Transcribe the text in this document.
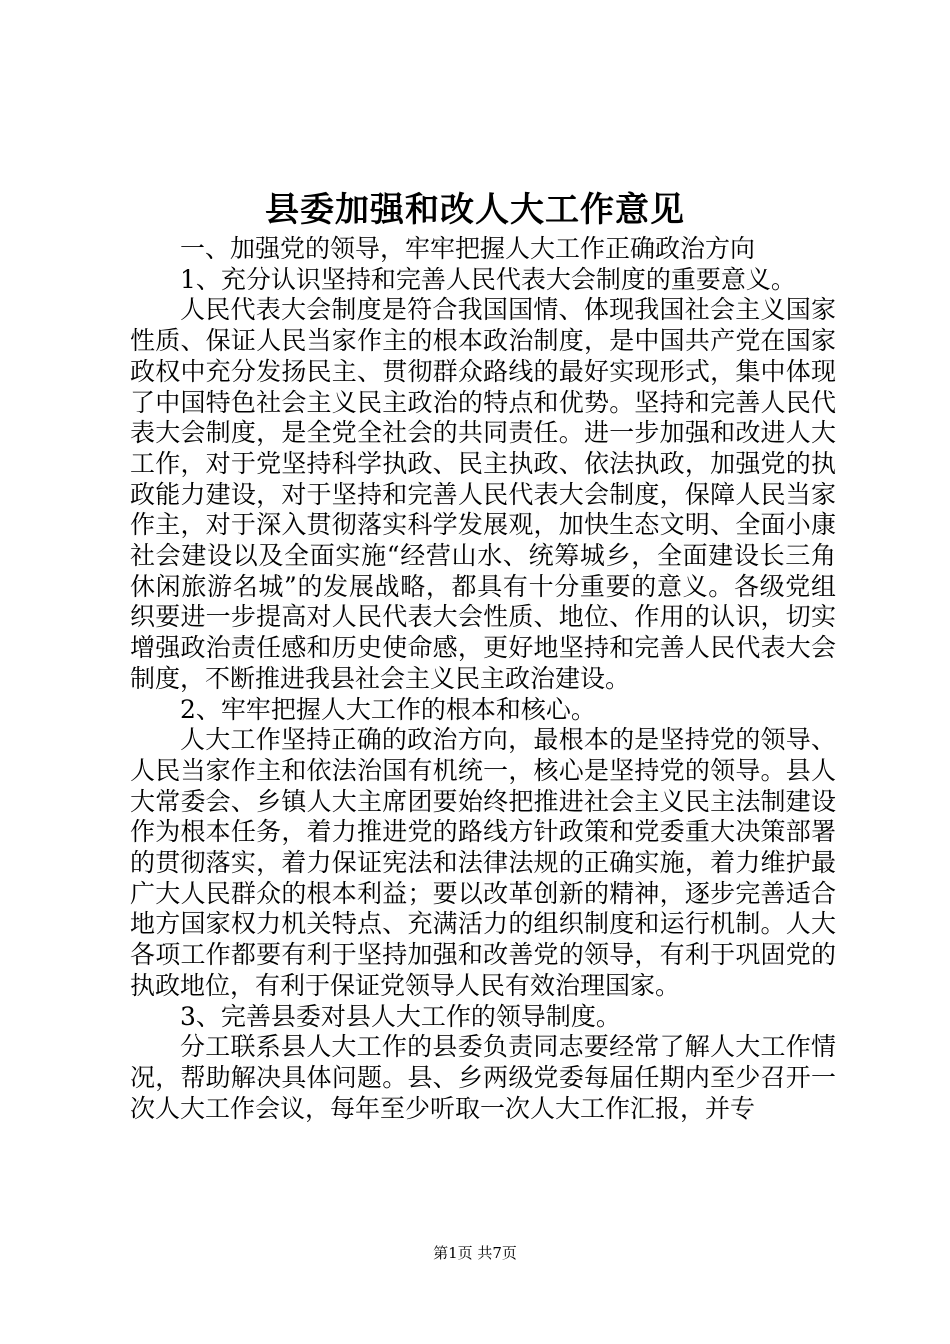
县委加强和改人大工作意见

一、加强党的领导，牢牢把握人大工作正确政治方向

1、充分认识坚持和完善人民代表大会制度的重要意义。

人民代表大会制度是符合我国国情、体现我国社会主义国家性质、保证人民当家作主的根本政治制度，是中国共产党在国家政权中充分发扬民主、贯彻群众路线的最好实现形式，集中体现了中国特色社会主义民主政治的特点和优势。坚持和完善人民代表大会制度，是全党全社会的共同责任。进一步加强和改进人大工作，对于党坚持科学执政、民主执政、依法执政，加强党的执政能力建设，对于坚持和完善人民代表大会制度，保障人民当家作主，对于深入贯彻落实科学发展观，加快生态文明、全面小康社会建设以及全面实施“经营山水、统筹城乡，全面建设长三角休闲旅游名城”的发展战略，都具有十分重要的意义。各级党组织要进一步提高对人民代表大会性质、地位、作用的认识，切实增强政治责任感和历史使命感，更好地坚持和完善人民代表大会制度，不断推进我县社会主义民主政治建设。

2、牢牢把握人大工作的根本和核心。

人大工作坚持正确的政治方向，最根本的是坚持党的领导、人民当家作主和依法治国有机统一，核心是坚持党的领导。县人大常委会、乡镇人大主席团要始终把推进社会主义民主法制建设作为根本任务，着力推进党的路线方针政策和党委重大决策部署的贯彻落实，着力保证宪法和法律法规的正确实施，着力维护最广大人民群众的根本利益；要以改革创新的精神，逐步完善适合地方国家权力机关特点、充满活力的组织制度和运行机制。人大各项工作都要有利于坚持加强和改善党的领导，有利于巩固党的执政地位，有利于保证党领导人民有效治理国家。

3、完善县委对县人大工作的领导制度。

分工联系县人大工作的县委负责同志要经常了解人大工作情况，帮助解决具体问题。县、乡两级党委每届任期内至少召开一次人大工作会议，每年至少听取一次人大工作汇报，并专

第1页 共7页
